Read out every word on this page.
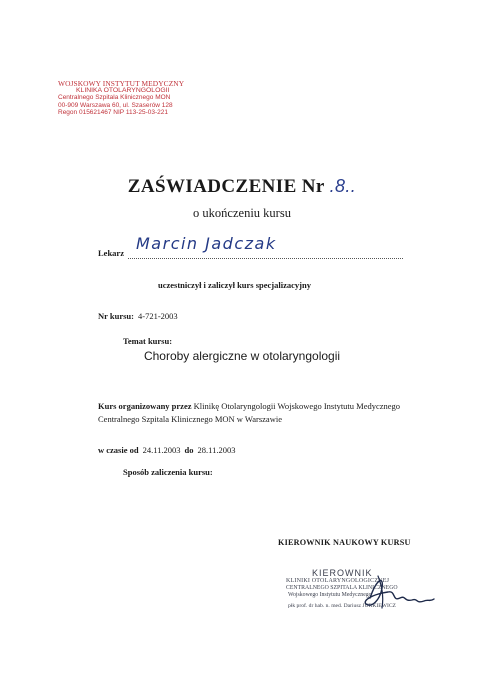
WOJSKOWY INSTYTUT MEDYCZNY
KLINIKA OTOLARYNGOLOGII
Centralnego Szpitala Klinicznego MON
00-909 Warszawa 60, ul. Szaserów 128
Regon 015621467 NIP 113-25-03-221
ZAŚWIADCZENIE Nr .8..
o ukończeniu kursu
Lekarz Marcin Jadczak
uczestniczył i zaliczył kurs specjalizacyjny
Nr kursu: 4-721-2003
Temat kursu:
Choroby alergiczne w otolaryngologii
Kurs organizowany przez Klinikę Otolaryngologii Wojskowego Instytutu Medycznego Centralnego Szpitala Klinicznego MON w Warszawie
w czasie od 24.11.2003 do 28.11.2003
Sposób zaliczenia kursu:
KIEROWNIK NAUKOWY KURSU
KIEROWNIK
KLINIKI OTOLARYNGOLOGICZNEJ
CENTRALNEGO SZPITALA KLINICZNEGO
Wojskowego Instytutu Medycznego
płk prof. dr hab. n. med. Dariusz JURKIEWICZ
